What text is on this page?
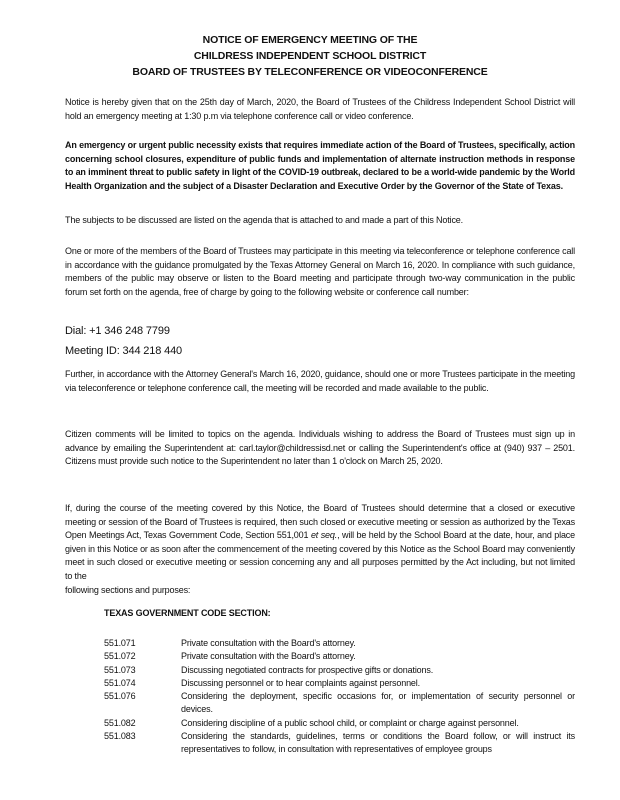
NOTICE OF EMERGENCY MEETING OF THE
CHILDRESS INDEPENDENT SCHOOL DISTRICT
BOARD OF TRUSTEES BY TELECONFERENCE OR VIDEOCONFERENCE

Notice is hereby given that on the 25th day of March, 2020, the Board of Trustees of the Childress Independent School District will hold an emergency meeting at 1:30 p.m via telephone conference call or video conference.

An emergency or urgent public necessity exists that requires immediate action of the Board of Trustees, specifically, action concerning school closures, expenditure of public funds and implementation of alternate instruction methods in response to an imminent threat to public safety in light of the COVID-19 outbreak, declared to be a world-wide pandemic by the World Health Organization and the subject of a Disaster Declaration and Executive Order by the Governor of the State of Texas.

The subjects to be discussed are listed on the agenda that is attached to and made a part of this Notice.

One or more of the members of the Board of Trustees may participate in this meeting via teleconference or telephone conference call in accordance with the guidance promulgated by the Texas Attorney General on March 16, 2020. In compliance with such guidance, members of the public may observe or listen to the Board meeting and participate through two-way communication in the public forum set forth on the agenda, free of charge by going to the following website or conference call number:

Dial: +1 346 248 7799
Meeting ID: 344 218 440

Further, in accordance with the Attorney General's March 16, 2020, guidance, should one or more Trustees participate in the meeting via teleconference or telephone conference call, the meeting will be recorded and made available to the public.

Citizen comments will be limited to topics on the agenda. Individuals wishing to address the Board of Trustees must sign up in advance by emailing the Superintendent at: carl.taylor@childressisd.net or calling the Superintendent's office at (940) 937 – 2501. Citizens must provide such notice to the Superintendent no later than 1 o'clock on March 25, 2020.

If, during the course of the meeting covered by this Notice, the Board of Trustees should determine that a closed or executive meeting or session of the Board of Trustees is required, then such closed or executive meeting or session as authorized by the Texas Open Meetings Act, Texas Government Code, Section 551,001 et seq., will be held by the School Board at the date, hour, and place given in this Notice or as soon after the commencement of the meeting covered by this Notice as the School Board may conveniently meet in such closed or executive meeting or session concerning any and all purposes permitted by the Act including, but not limited to the
following sections and purposes:
TEXAS GOVERNMENT CODE SECTION:
551.071	Private consultation with the Board's attorney.
551.072	Private consultation with the Board's attorney.
551.073	Discussing negotiated contracts for prospective gifts or donations.
551.074	Discussing personnel or to hear complaints against personnel.
551.076	Considering the deployment, specific occasions for, or implementation of security personnel or devices.
551.082	Considering discipline of a public school child, or complaint or charge against personnel.
551.083	Considering the standards, guidelines, terms or conditions the Board follow, or will instruct its representatives to follow, in consultation with representatives of employee groups
